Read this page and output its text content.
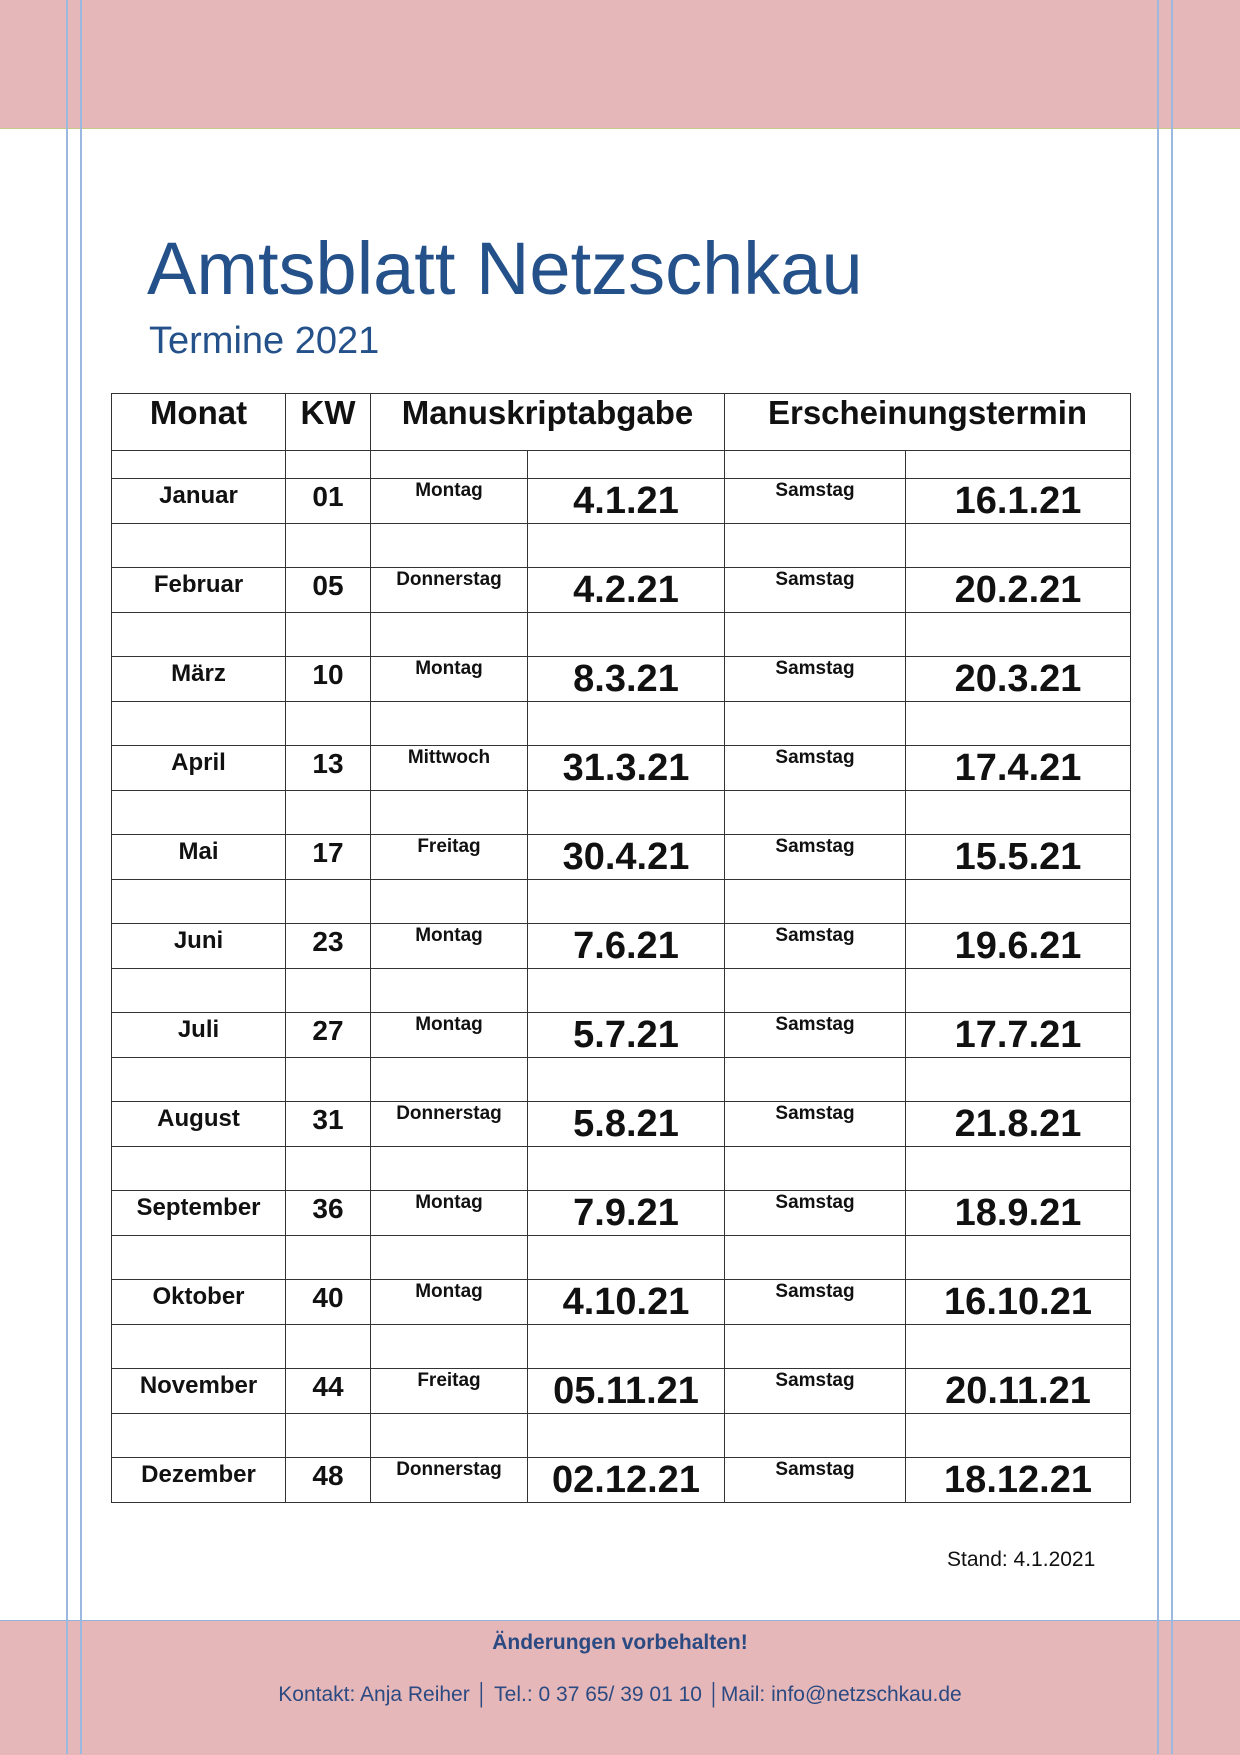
Amtsblatt Netzschkau
Termine 2021
Monat	KW	Manuskriptabgabe		Erscheinungstermin	

Januar	01	Montag	4.1.21	Samstag	16.1.21

Februar	05	Donnerstag	4.2.21	Samstag	20.2.21

März	10	Montag	8.3.21	Samstag	20.3.21

April	13	Mittwoch	31.3.21	Samstag	17.4.21

Mai	17	Freitag	30.4.21	Samstag	15.5.21

Juni	23	Montag	7.6.21	Samstag	19.6.21

Juli	27	Montag	5.7.21	Samstag	17.7.21

August	31	Donnerstag	5.8.21	Samstag	21.8.21

September	36	Montag	7.9.21	Samstag	18.9.21

Oktober	40	Montag	4.10.21	Samstag	16.10.21

November	44	Freitag	05.11.21	Samstag	20.11.21

Dezember	48	Donnerstag	02.12.21	Samstag	18.12.21
Stand: 4.1.2021
Änderungen vorbehalten!
Kontakt: Anja Reiher │ Tel.: 0 37 65/ 39 01 10 │Mail: info@netzschkau.de
